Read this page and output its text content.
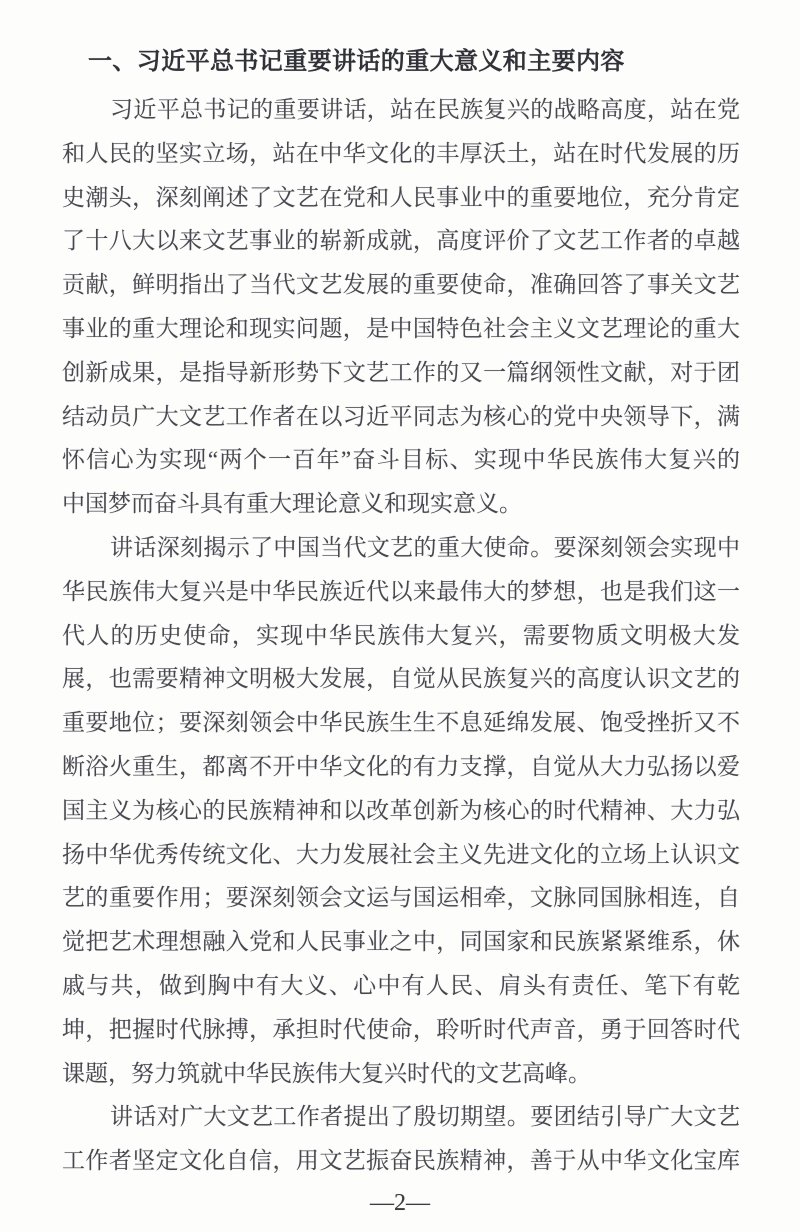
一、习近平总书记重要讲话的重大意义和主要内容
习近平总书记的重要讲话，站在民族复兴的战略高度，站在党
和人民的坚实立场，站在中华文化的丰厚沃土，站在时代发展的历
史潮头，深刻阐述了文艺在党和人民事业中的重要地位，充分肯定
了十八大以来文艺事业的崭新成就，高度评价了文艺工作者的卓越
贡献，鲜明指出了当代文艺发展的重要使命，准确回答了事关文艺
事业的重大理论和现实问题，是中国特色社会主义文艺理论的重大
创新成果，是指导新形势下文艺工作的又一篇纲领性文献，对于团
结动员广大文艺工作者在以习近平同志为核心的党中央领导下，满
怀信心为实现“两个一百年”奋斗目标、实现中华民族伟大复兴的
中国梦而奋斗具有重大理论意义和现实意义。
讲话深刻揭示了中国当代文艺的重大使命。要深刻领会实现中
华民族伟大复兴是中华民族近代以来最伟大的梦想，也是我们这一
代人的历史使命，实现中华民族伟大复兴，需要物质文明极大发
展，也需要精神文明极大发展，自觉从民族复兴的高度认识文艺的
重要地位；要深刻领会中华民族生生不息延绵发展、饱受挫折又不
断浴火重生，都离不开中华文化的有力支撑，自觉从大力弘扬以爱
国主义为核心的民族精神和以改革创新为核心的时代精神、大力弘
扬中华优秀传统文化、大力发展社会主义先进文化的立场上认识文
艺的重要作用；要深刻领会文运与国运相牵，文脉同国脉相连，自
觉把艺术理想融入党和人民事业之中，同国家和民族紧紧维系，休
戚与共，做到胸中有大义、心中有人民、肩头有责任、笔下有乾
坤，把握时代脉搏，承担时代使命，聆听时代声音，勇于回答时代
课题，努力筑就中华民族伟大复兴时代的文艺高峰。
讲话对广大文艺工作者提出了殷切期望。要团结引导广大文艺
工作者坚定文化自信，用文艺振奋民族精神，善于从中华文化宝库
—2—
